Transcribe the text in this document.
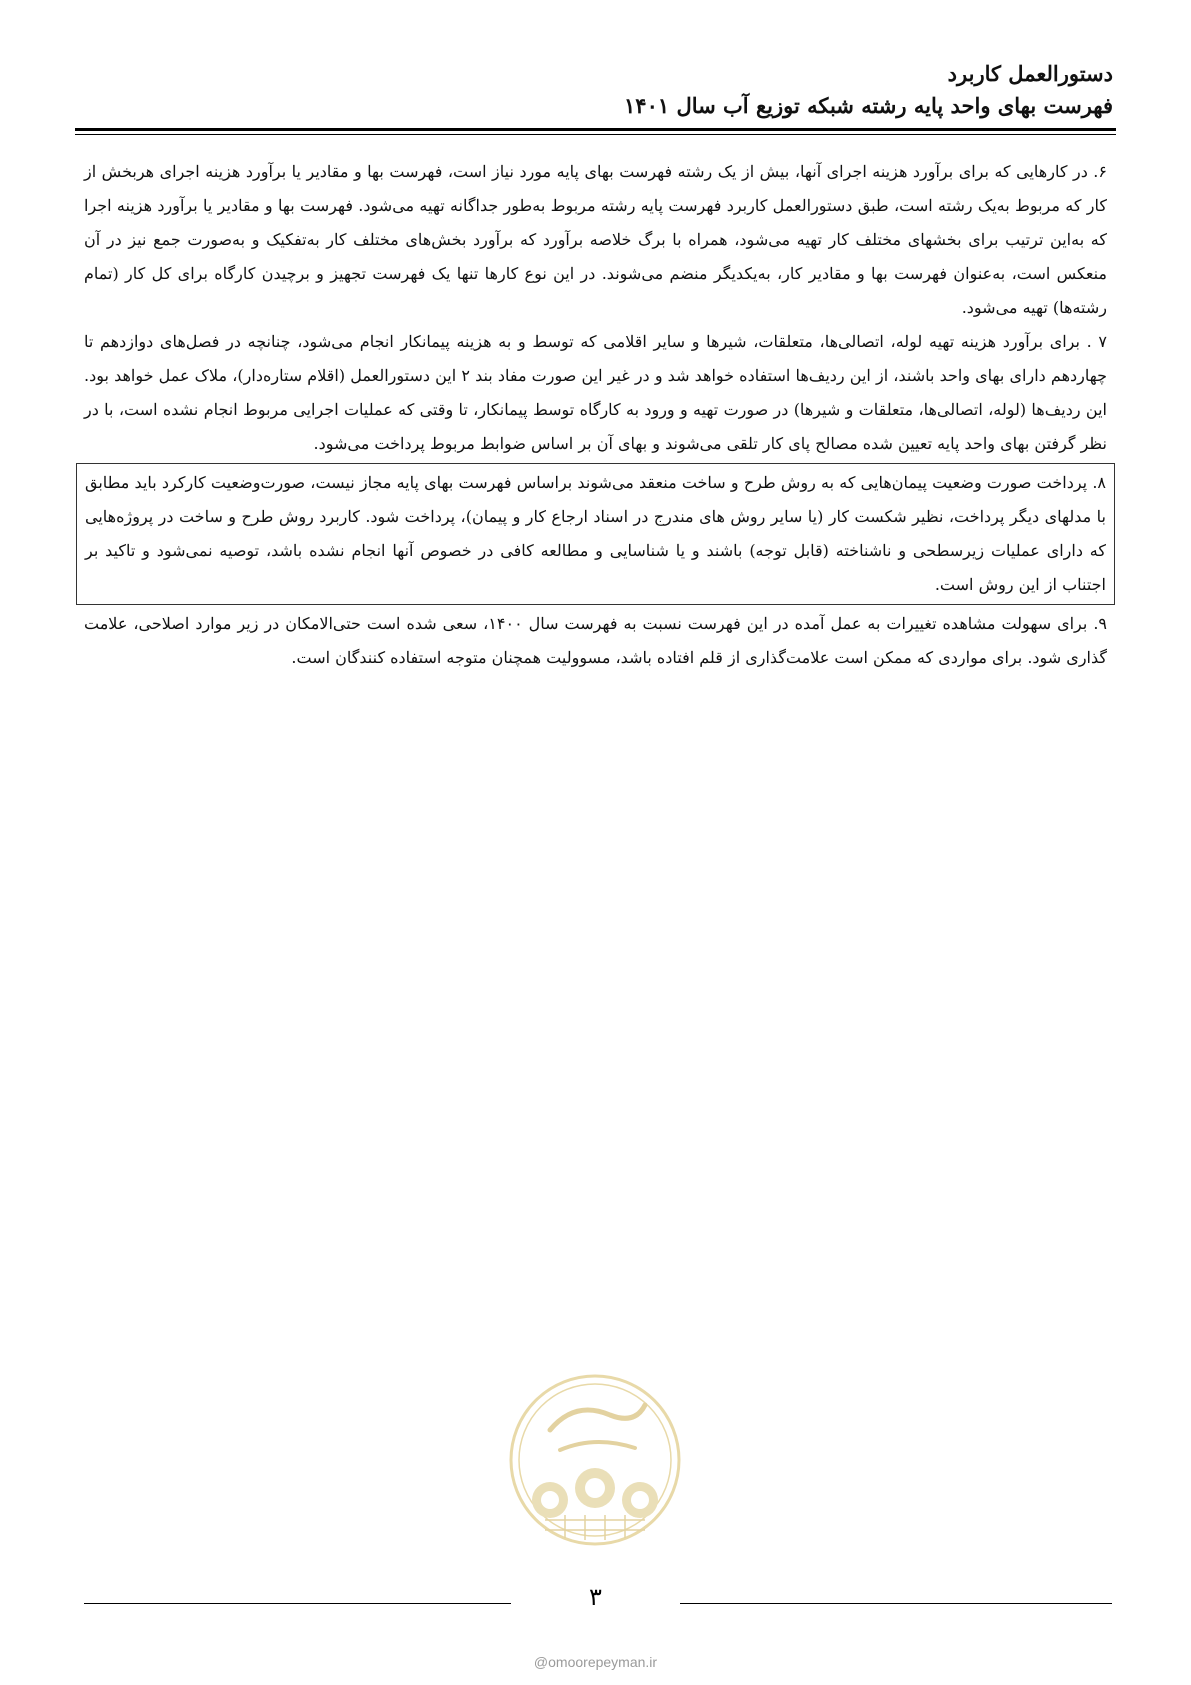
دستورالعمل کاربرد
فهرست بهای واحد پایه رشته شبکه توزیع آب سال ۱۴۰۱

۶. در کارهایی که برای برآورد هزینه اجرای آنها، بیش از یک رشته فهرست بهای پایه مورد نیاز است، فهرست بها و مقادیر یا برآورد هزینه اجرای هربخش از کار که مربوط به‌یک رشته است، طبق دستورالعمل کاربرد فهرست پایه رشته مربوط به‌طور جداگانه تهیه می‌شود. فهرست بها و مقادیر یا برآورد هزینه اجرا که به‌این ترتیب برای بخشهای مختلف کار تهیه می‌شود، همراه با برگ خلاصه برآورد که برآورد بخش‌های مختلف کار به‌تفکیک و به‌صورت جمع نیز در آن منعکس است، به‌عنوان فهرست بها و مقادیر کار، به‌یکدیگر منضم می‌شوند. در این نوع کارها تنها یک فهرست تجهیز و برچیدن کارگاه برای کل کار (تمام رشته‌ها) تهیه می‌شود.

۷ . برای برآورد هزینه تهیه لوله، اتصالی‌ها، متعلقات، شیرها و سایر اقلامی که توسط و به هزینه پیمانکار انجام می‌شود، چنانچه در فصل‌های دوازدهم تا چهاردهم دارای بهای واحد باشند، از این ردیف‌ها استفاده خواهد شد و در غیر این صورت مفاد بند ۲ این دستورالعمل (اقلام ستاره‌دار)، ملاک عمل خواهد بود. این ردیف‌ها (لوله، اتصالی‌ها، متعلقات و شیرها) در صورت تهیه و ورود به کارگاه توسط پیمانکار، تا وقتی که عملیات اجرایی مربوط انجام نشده است، با در نظر گرفتن بهای واحد پایه تعیین شده مصالح پای کار تلقی می‌شوند و بهای آن بر اساس ضوابط مربوط پرداخت می‌شود.

۸. پرداخت صورت وضعیت پیمان‌هایی که به روش طرح و ساخت منعقد می‌شوند براساس فهرست بهای پایه مجاز نیست، صورت‌وضعیت کارکرد باید مطابق با مدلهای دیگر پرداخت، نظیر شکست کار (یا سایر روش های مندرج در اسناد ارجاع کار و پیمان)، پرداخت شود. کاربرد روش طرح و ساخت در پروژه‌هایی که دارای عملیات زیرسطحی و ناشناخته (قابل توجه) باشند و یا شناسایی و مطالعه کافی در خصوص آنها انجام نشده باشد، توصیه نمی‌شود و تاکید بر اجتناب از این روش است.

۹. برای سهولت مشاهده تغییرات به عمل آمده در این فهرست نسبت به فهرست سال ۱۴۰۰، سعی شده است حتی‌الامکان در زیر موارد اصلاحی، علامت گذاری شود. برای مواردی که ممکن است علامت‌گذاری از قلم افتاده باشد، مسوولیت همچنان متوجه استفاده کنندگان است.

۳
@omoorepeyman.ir
